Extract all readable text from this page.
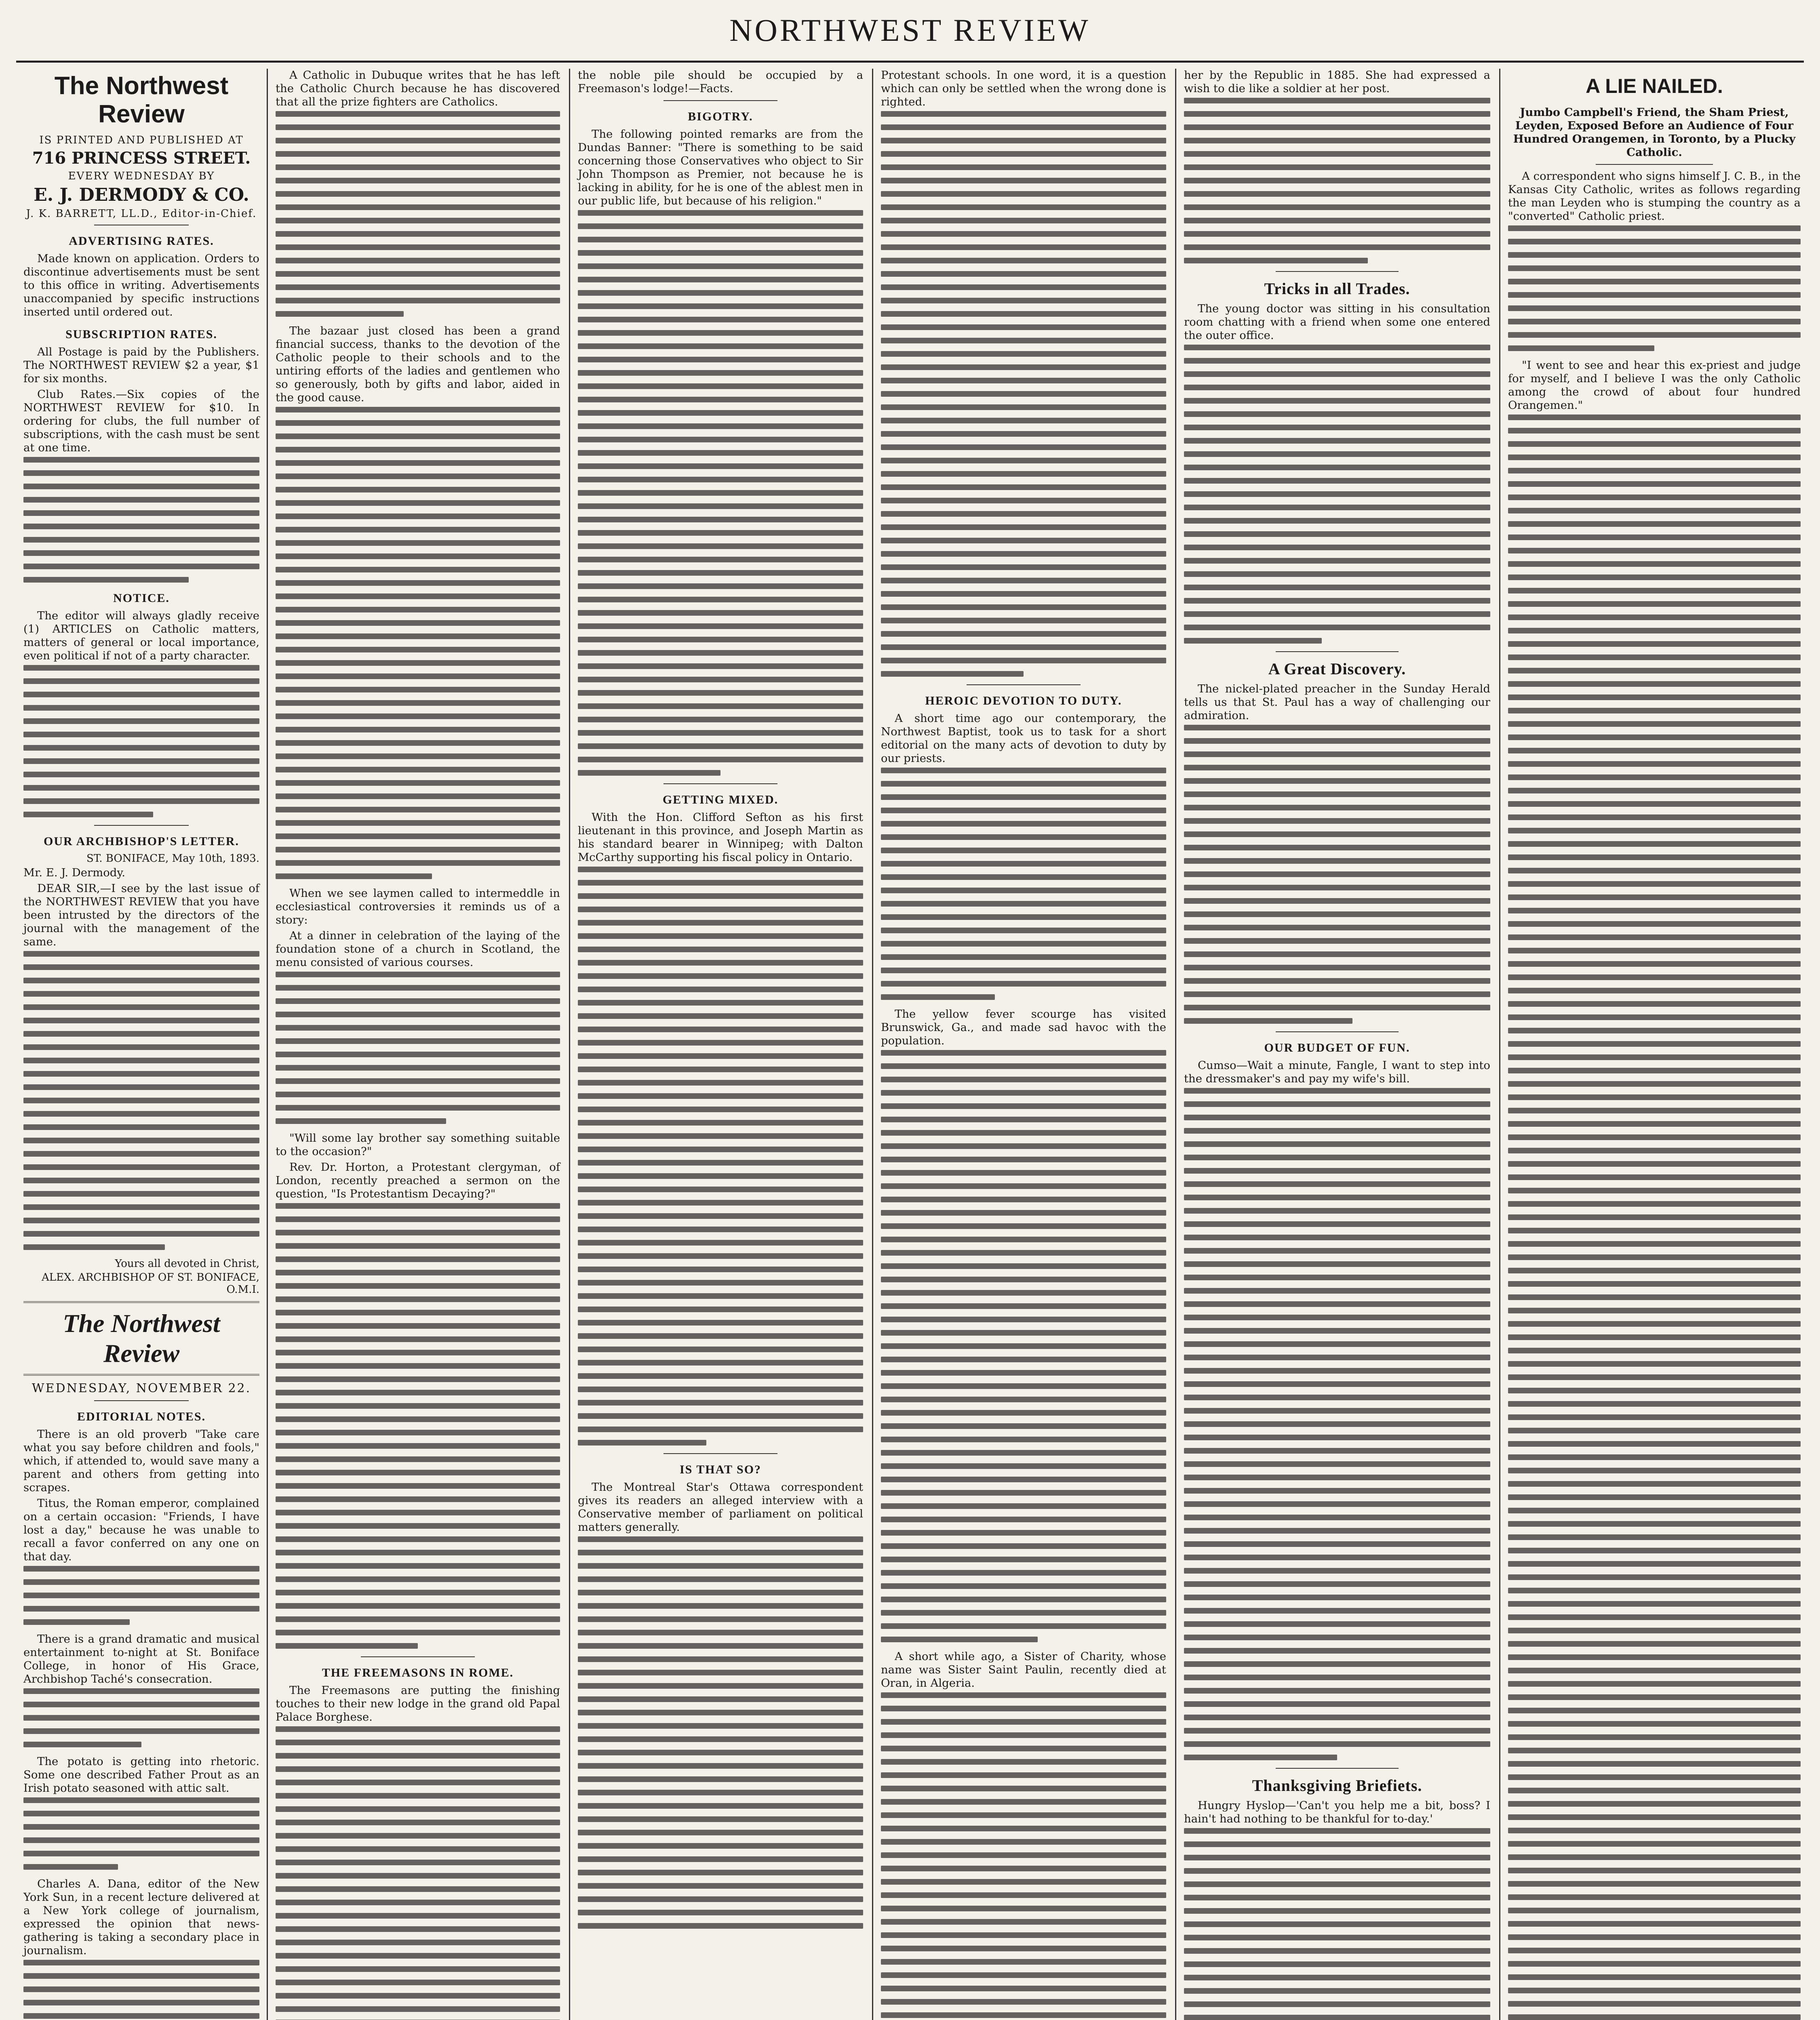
NORTHWEST REVIEW
The Northwest Review
IS PRINTED AND PUBLISHED AT
716 PRINCESS STREET.
EVERY WEDNESDAY BY
E. J. DERMODY & CO.
J. K. BARRETT, LL.D., Editor-in-Chief.
ADVERTISING RATES.

Made known on application. Orders to discontinue advertisements must be sent to this office in writing. Advertisements unaccompanied by specific instructions inserted until ordered out.

SUBSCRIPTION RATES.

All Postage is paid by the Publishers. The NORTHWEST REVIEW $2 a year, $1 for six months.

Club Rates.—Six copies of the NORTHWEST REVIEW for $10. In ordering for clubs, the full number of subscriptions, with the cash must be sent at one time.

NOTICE.

The editor will always gladly receive (1) ARTICLES on Catholic matters, matters of general or local importance, even political if not of a party character.

OUR ARCHBISHOP'S LETTER.
ST. BONIFACE, May 10th, 1893.

Mr. E. J. Dermody.

DEAR SIR,—I see by the last issue of the NORTHWEST REVIEW that you have been intrusted by the directors of the journal with the management of the same.

Yours all devoted in Christ,
ALEX. ARCHBISHOP OF ST. BONIFACE, O.M.I.
The Northwest Review
WEDNESDAY, NOVEMBER 22.
EDITORIAL NOTES.

There is an old proverb "Take care what you say before children and fools," which, if attended to, would save many a parent and others from getting into scrapes.

Titus, the Roman emperor, complained on a certain occasion: "Friends, I have lost a day," because he was unable to recall a favor conferred on any one on that day.

There is a grand dramatic and musical entertainment to-night at St. Boniface College, in honor of His Grace, Archbishop Taché's consecration.

The potato is getting into rhetoric. Some one described Father Prout as an Irish potato seasoned with attic salt.

Charles A. Dana, editor of the New York Sun, in a recent lecture delivered at a New York college of journalism, expressed the opinion that news-gathering is taking a secondary place in journalism.

A Catholic in Dubuque writes that he has left the Catholic Church because he has discovered that all the prize fighters are Catholics.

The bazaar just closed has been a grand financial success, thanks to the devotion of the Catholic people to their schools and to the untiring efforts of the ladies and gentlemen who so generously, both by gifts and labor, aided in the good cause.

When we see laymen called to intermeddle in ecclesiastical controversies it reminds us of a story:

At a dinner in celebration of the laying of the foundation stone of a church in Scotland, the menu consisted of various courses.

"Will some lay brother say something suitable to the occasion?"

Rev. Dr. Horton, a Protestant clergyman, of London, recently preached a sermon on the question, "Is Protestantism Decaying?"

THE FREEMASONS IN ROME.

The Freemasons are putting the finishing touches to their new lodge in the grand old Papal Palace Borghese.

the noble pile should be occupied by a Freemason's lodge!—Facts.

BIGOTRY.

The following pointed remarks are from the Dundas Banner: "There is something to be said concerning those Conservatives who object to Sir John Thompson as Premier, not because he is lacking in ability, for he is one of the ablest men in our public life, but because of his religion."

GETTING MIXED.

With the Hon. Clifford Sefton as his first lieutenant in this province, and Joseph Martin as his standard bearer in Winnipeg; with Dalton McCarthy supporting his fiscal policy in Ontario.

IS THAT SO?

The Montreal Star's Ottawa correspondent gives its readers an alleged interview with a Conservative member of parliament on political matters generally.

Protestant schools. In one word, it is a question which can only be settled when the wrong done is righted.

HEROIC DEVOTION TO DUTY.

A short time ago our contemporary, the Northwest Baptist, took us to task for a short editorial on the many acts of devotion to duty by our priests.

The yellow fever scourge has visited Brunswick, Ga., and made sad havoc with the population.

A short while ago, a Sister of Charity, whose name was Sister Saint Paulin, recently died at Oran, in Algeria.

her by the Republic in 1885. She had expressed a wish to die like a soldier at her post.

Tricks in all Trades.

The young doctor was sitting in his consultation room chatting with a friend when some one entered the outer office.

A Great Discovery.

The nickel-plated preacher in the Sunday Herald tells us that St. Paul has a way of challenging our admiration.

OUR BUDGET OF FUN.

Cumso—Wait a minute, Fangle, I want to step into the dressmaker's and pay my wife's bill.

Thanksgiving Briefiets.

Hungry Hyslop—'Can't you help me a bit, boss? I hain't had nothing to be thankful for to-day.'

A LIE NAILED.

Jumbo Campbell's Friend, the Sham Priest, Leyden, Exposed Before an Audience of Four Hundred Orangemen, in Toronto, by a Plucky Catholic.

A correspondent who signs himself J. C. B., in the Kansas City Catholic, writes as follows regarding the man Leyden who is stumping the country as a "converted" Catholic priest.

"I went to see and hear this ex-priest and judge for myself, and I believe I was the only Catholic among the crowd of about four hundred Orangemen."
